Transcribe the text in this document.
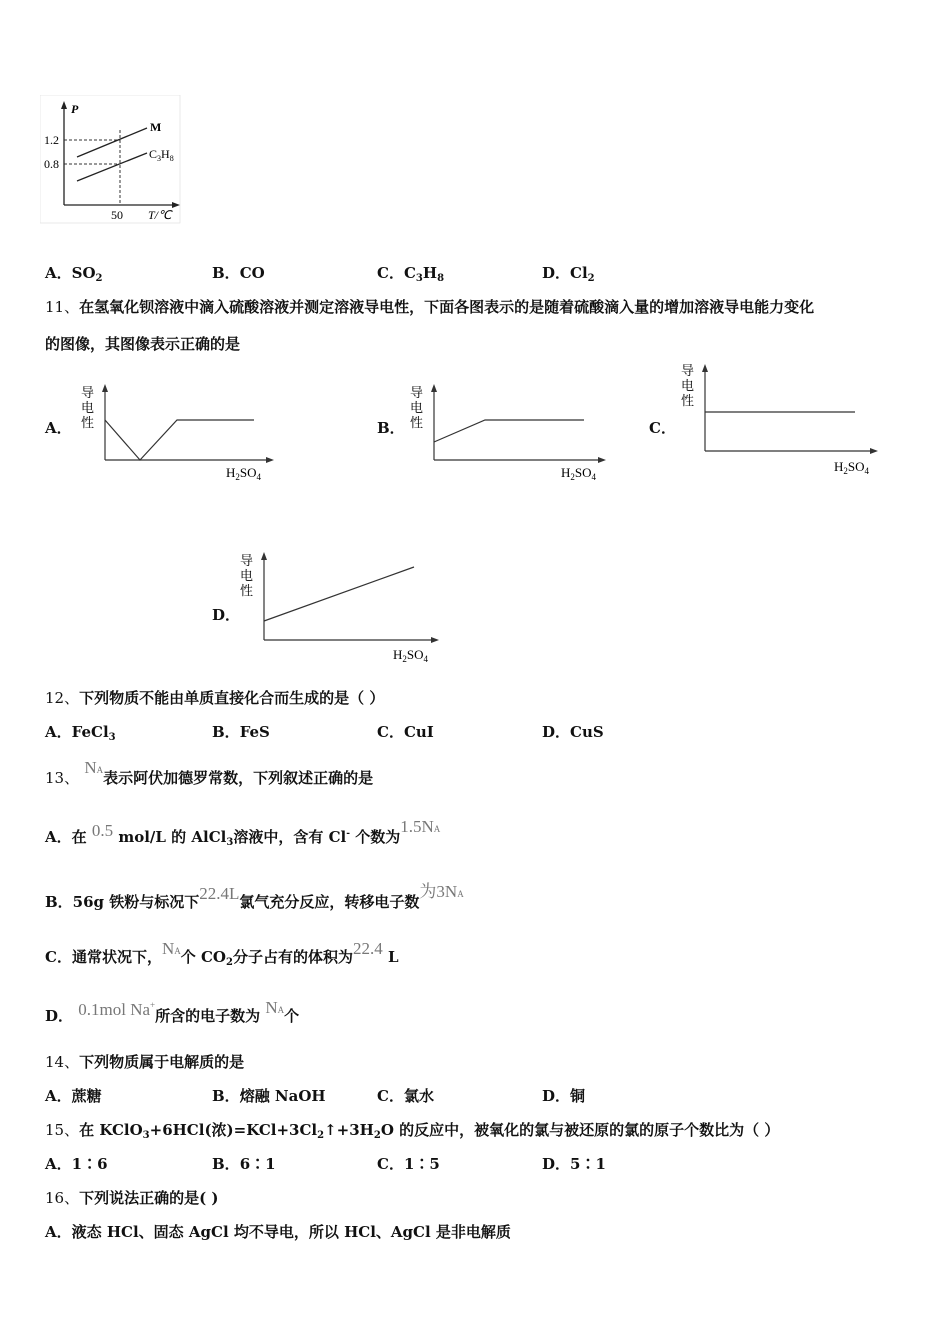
P
1.2
0.8
50 T/℃
M
$C_3H_8$
A．$SO_2$	B．CO	C．$C_3H_8$	D．$Cl_2$
11、在氢氧化钡溶液中滴入硫酸溶液并测定溶液导电性，下面各图表示的是随着硫酸滴入量的增加溶液导电能力变化
的图像，其图像表示正确的是
A．	B．	C．
D．
导
电
性
$H_2SO_4$
导
电
性
$H_2SO_4$
导
电
性
$H_2SO_4$
导
电
性
$H_2SO_4$
12、下列物质不能由单质直接化合而生成的是（ ）
A．FeCl$_3$	B．FeS	C．CuI	D．CuS
13、 NA表示阿伏加德罗常数，下列叙述正确的是
A．在 0.5 mol/L 的 AlCl$_3$溶液中，含有 Cl- 个数为1.5NA
B．56g 铁粉与标况下22.4L氯气充分反应，转移电子数为3NA
C．通常状况下，NA个 $CO_2$分子占有的体积为22.4 L
D． 0.1mol Na+所含的电子数为 NA个
14、下列物质属于电解质的是
A．蔗糖	B．熔融 NaOH	C．氯水	D．铜
15、在 KClO$_3$+6HCl(浓)$=KCl+3Cl_2↑+3H_2O$ 的反应中，被氧化的氯与被还原的氯的原子个数比为（ ）
A．1∶6	B．6∶1	C．1∶5	D．5∶1
16、下列说法正确的是( )
A．液态 HCl、固态 AgCl 均不导电，所以 HCl、AgCl 是非电解质
